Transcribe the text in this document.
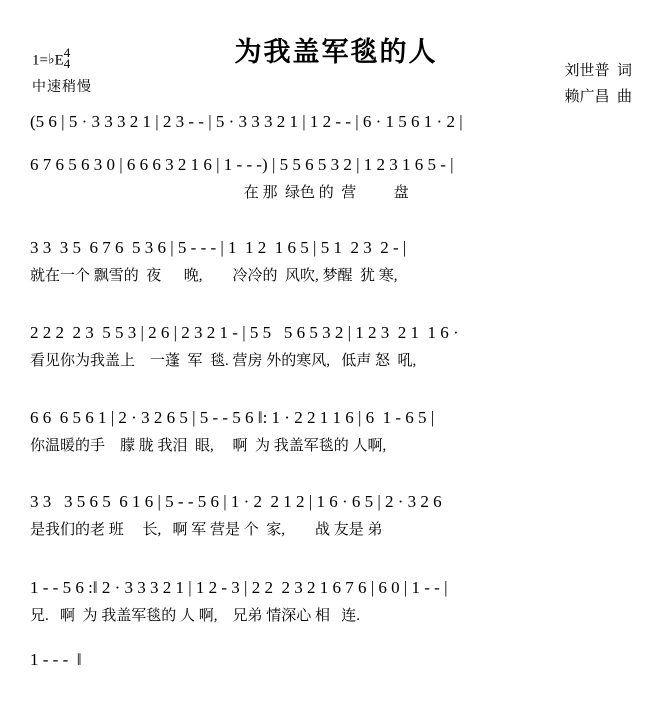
为我盖军毯的人
1=♭E
4
4
中速稍慢
刘世普  词
赖广昌  曲
(5 6 | 5 · 3 3 3 2 1 | 2 3 - - | 5 · 3 3 3 2 1 | 1 2 - - | 6 · 1 5 6 1 · 2 |
6 7 6 5 6 3 0 | 6 6 6 3 2 1 6 | 1 - - -) | 5 5 6 5 3 2 | 1 2 3 1 6 5 - |
在 那  绿色 的  营          盘
3 3  3 5  6 7 6  5 3 6 | 5 - - - | 1  1 2  1 6 5 | 5 1  2 3  2 - |
就在一个 飘雪的  夜      晚,        冷冷的  风吹, 梦醒  犹 寒,
2 2 2  2 3  5 5 3 | 2 6 | 2 3 2 1 - | 5 5   5 6 5 3 2 | 1 2 3  2 1  1 6 ·
看见你为我盖上    一蓬  军  毯. 营房 外的寒风,   低声 怒  吼,
6 6  6 5 6 1 | 2 · 3 2 6 5 | 5 - - 5 6 ‖: 1 · 2 2 1 1 6 | 6  1 - 6 5 |
你温暖的手    朦 胧 我泪  眼,     啊  为 我盖军毯的 人啊,
3 3   3 5 6 5  6 1 6 | 5 - - 5 6 | 1 · 2  2 1 2 | 1 6 · 6 5 | 2 · 3 2 6
是我们的老 班     长,   啊 军 营是 个  家,        战 友是 弟
1 - - 5 6 :‖ 2 · 3 3 3 2 1 | 1 2 - 3 | 2 2  2 3 2 1 6 7 6 | 6 0 | 1 - - |
兄.   啊  为 我盖军毯的 人 啊,    兄弟 情深心 相   连.
1 - - -  ‖
